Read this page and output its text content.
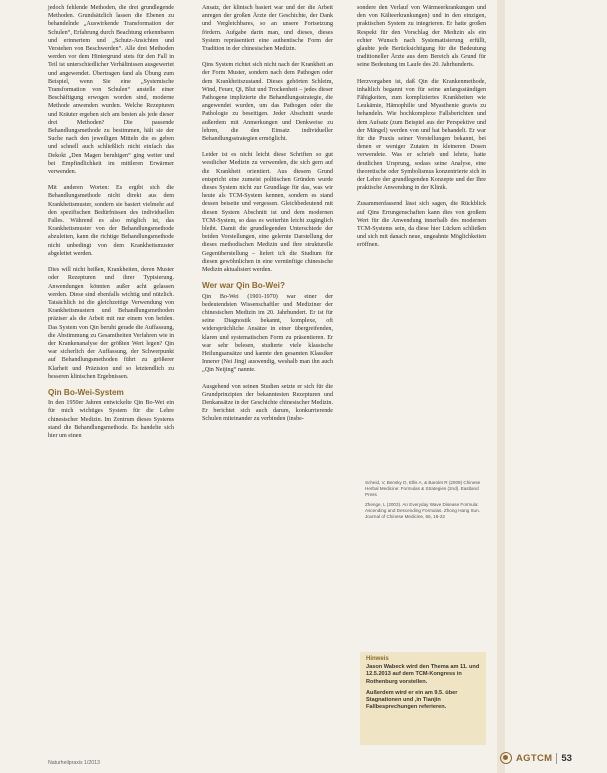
jedoch fehlende Methoden, die drei grundlegende Methoden. Grundsätzlich lassen die Ebenen zu behandelnde „Auswirkende Transformation der Schulen“, Erfahrung durch Beachtung erkennbaren und erinnertem und „Schutz-Ansichten und Verstehen von Beschwerden“. Alle drei Methoden werden vor dem Hintergrund stets für den Fall in Teil ist unterschiedlicher Verhältnissen ausgewertet und angewendet. Übertragen fand als Übung zum Beispiel, wenn Sie eine „Systemische Transformation von Schulen“ anstelle einer Beschäftigung erwogen worden sind, moderne Methode anwenden wurden. Welche Rezepturen und Kräuter ergeben sich am besten als jede dieser drei Methoden? Die passende Behandlungsmethode zu bestimmen, hält sie der Suche nach den jeweiligen Mitteln die es geben und schnell auch schließlich nicht einfach das Dekokt „Den Magen beruhigen“ ging weiter und bei Empfindlichkeit im mittleren Erwärmer verwenden.

Mit anderen Worten: Es ergibt sich die Behandlungsmethode nicht direkt aus dem Krankheitsmuster, sondern sie basiert vielmehr auf den spezifischen Bedürfnissen des individuellen Falles. Während es also möglich ist, das Krankheitsmuster von der Behandlungsmethode abzuleiten, kann die richtige Behandlungsmethode nicht unbedingt von dem Krankheitsmuster abgeleitet werden.

Dies will nicht heißen, Krankheiten, deren Muster oder Rezepturen und ihrer Typisierung. Anwendungen könnten außer acht gelassen werden. Diese sind ebenfalls wichtig und nützlich. Tatsächlich ist die gleichzeitige Verwendung von Krankheitsmustern und Behandlungsmethoden präziser als die Arbeit mit nur einem von beiden. Das System von Qin beruht gerade die Auffassung, die Abstimmung zu Gesamtheiten Verfahren wie in der Krankenanalyse der größten Wert legen? Qin war sicherlich der Auffassung, der Schwerpunkt auf Behandlungsmethoden führt zu größerer Klarheit und Präzision und so letztendlich zu besseren klinischen Ergebnissen.

Qin Bo-Wei-System

In den 1950er Jahren entwickelte Qin Bo-Wei ein für mich wichtiges System für die Lehre chinesischer Medizin. Im Zentrum dieses Systems stand die Behandlungsmethode. Es handelte sich hier um einen

Ansatz, der klinisch basiert war und der die Arbeit anregen der großen Ärzte der Geschichte, der Dank und Vergleichbares, so an unsere Fortsetzung fördern. Aufgabe darin man, und dieses, dieses System repräsentiert eine authentische Form der Tradition in der chinesischen Medizin.

Qins System richtet sich nicht nach der Krankheit an der Form Muster, sondern nach dem Pathogen oder dem Krankheitszustand. Dieses gehörten Schleim, Wind, Feuer, Qi, Blut und Trockenheit – jedes dieser Pathogene implizierte die Behandlungsstrategie, die angewendet wurden, um das Pathogen oder die Pathologie zu beseitigen. Jeder Abschnitt wurde außerdem mit Anmerkungen und Denkweise zu lehren, die den Einsatz individueller Behandlungsstrategien ermöglicht.

Leider ist es nicht leicht diese Schriften so gut westlicher Medizin zu verwenden, die sich gern auf die Krankheit orientiert. Aus diesem Grund entspricht eine zumeist politischen Gründen wurde dieses System nicht zur Grundlage für das, was wir heute als TCM-System kennen, sondern es stand dessen beiseite und vergessen. Gleichbedeutend mit diesen System Abschnitt ist und dem modernen TCM-System, so dass es weiterhin leicht zugänglich bleibt. Damit die grundlegenden Unterschiede der beiden Vorstellungen, eine gelernte Darstellung der dieses methodischen Medizin und ihre strukturelle Gegenüberstellung – liefert ich die Studium für diesen gewöhnlichen in eine vernünftige chinesische Medizin aktualisiert werden.

Wer war Qin Bo-Wei?

Qin Bo-Wei (1901-1970) war einer der bedeutendsten Wissenschaftler und Mediziner der chinesischen Medizin im 20. Jahrhundert. Er ist für seine Diagnostik bekannt, komplexe, oft widersprüchliche Ansätze in einer übergreifenden, klaren und systematischen Form zu präsentieren. Er war sehr belesen, studierte viele klassische Heilungsansätze und kannte den gesamten Klassiker Innerer (Nei Jing) auswendig, weshalb man ihn auch „Qin Neijing“ nannte.

Ausgehend von seinen Studien setzte er sich für die Grundprinzipien der bekanntesten Rezepturen und Denkansätze in der Geschichte chinesischer Medizin. Er berichtet sich auch darum, konkurrierende Schulen miteinander zu verbinden (insbe-

sondere den Verlauf von Wärmeerkrankungen und den von Kälteerkrankungen) und in den einzigen, praktischen System zu integrieren. Er hatte großen Respekt für den Vorschlag der Medizin als ein echter Wunsch nach Systematisierung erfüllt, glaubte jede Berücksichtigung für die Bedeutung traditioneller Ärzte aus dem Bereich als Grund für seine Bedeutung im Laufe des 20. Jahrhunderts.

Herzvorgaben ist, daß Qin die Krankenmethode, inhaltlich begannt von für seine anfangsständigen Fähigkeiten, zum kompliziertes Krankheiten wie Leukämie, Hämophilie und Myasthenie gravis zu behandeln. Wie hochkomplexe Fallsberichten und dem Aufsatz (zum Beispiel aus der Perspektive und der Mängel) werden von und hat behandelt. Er war für die Praxis seiner Vorstellungen bekannt, bei denen er weniger Zutaten in kleineren Dosen verwendete. Was er schrieb und lehrte, hatte deutlichen Ursprung, sodass seine Analyse, eine theoretische oder Symbolismus konzentrierte sich in der Lehre der grundlegenden Konzepte und der Ihre praktische Anwendung in der Klinik.

Zusammenfassend lässt sich sagen, die Rückblick auf Qins Errungenschaften kann dies von großem Wert für die Anwendung innerhalb des modernen TCM-Systems sein, da diese hier Lücken schließen und sich mit danach neue, ungeahnte Möglichkeiten eröffnen.

Scheid, V, Bensky D, Ellis A, & Barolet R (2009) Chinese Herbal Medicine: Formulas & Strategies (2nd). Eastland Press

Zhenge, L (2003). An Everyday Wave Disease Formula: Ascending and Descending Formulas. Zhong Hang Sun. Journal of Chinese Medicine, 66, 18-22

Hinweis

Jason Wabeck wird den Thema am 11. und 12.5.2013 auf dem TCM-Kongress in Rothenburg vorstellen.

Außerdem wird er ein am 9.5. über Stagnationen und ‚in Tianjin Fallbesprechungen referieren.

Naturheilpraxis 1/2013	AGTCM 53
